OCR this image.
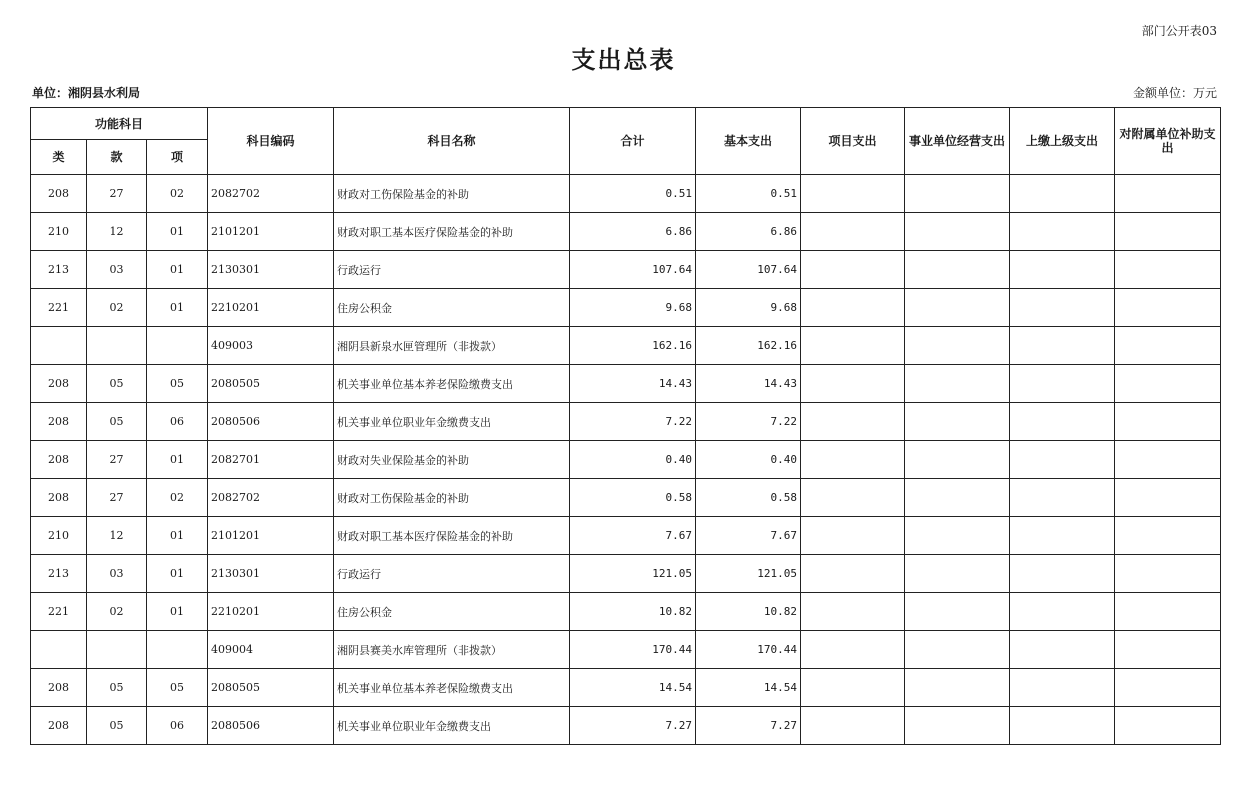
部门公开表03
支出总表
单位：湘阴县水利局	金额单位：万元
功能科目			科目编码	科目名称	合计	基本支出	项目支出	事业单位经营支出	上缴上级支出	对附属单位补助支出
类	款	项								
208	27	02	2082702	财政对工伤保险基金的补助	0.51	0.51				
210	12	01	2101201	财政对职工基本医疗保险基金的补助	6.86	6.86				
213	03	01	2130301	行政运行	107.64	107.64				
221	02	01	2210201	住房公积金	9.68	9.68				
			409003	湘阴县新泉水匣管理所（非拨款）	162.16	162.16				
208	05	05	2080505	机关事业单位基本养老保险缴费支出	14.43	14.43				
208	05	06	2080506	机关事业单位职业年金缴费支出	7.22	7.22				
208	27	01	2082701	财政对失业保险基金的补助	0.40	0.40				
208	27	02	2082702	财政对工伤保险基金的补助	0.58	0.58				
210	12	01	2101201	财政对职工基本医疗保险基金的补助	7.67	7.67				
213	03	01	2130301	行政运行	121.05	121.05				
221	02	01	2210201	住房公积金	10.82	10.82				
			409004	湘阴县赛美水库管理所（非拨款）	170.44	170.44				
208	05	05	2080505	机关事业单位基本养老保险缴费支出	14.54	14.54				
208	05	06	2080506	机关事业单位职业年金缴费支出	7.27	7.27				
